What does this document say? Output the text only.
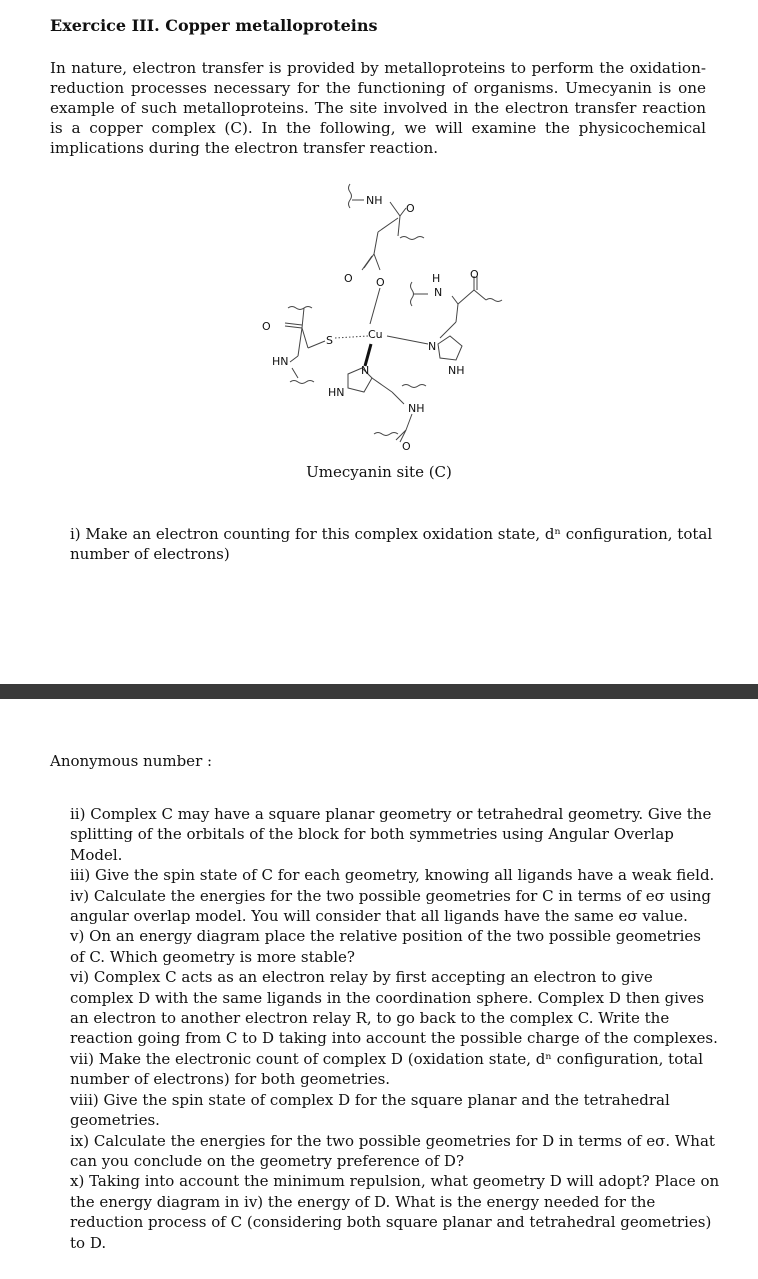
Exercice III. Copper metalloproteins
In nature, electron transfer is provided by metalloproteins to perform the oxidation-reduction processes necessary for the functioning of organisms. Umecyanin is one example of such metalloproteins. The site involved in the electron transfer reaction is a copper complex (C). In the following, we will examine the physicochemical implications during the electron transfer reaction.
NH
O
O O
Cu
S
O
HN
H
N
O
N
NH
N
HN
NH
O
Umecyanin site (C)
i) Make an electron counting for this complex oxidation state, dⁿ configuration, total number of electrons)
Anonymous number :

ii) Complex C may have a square planar geometry or tetrahedral geometry. Give the splitting of the orbitals of the block for both symmetries using Angular Overlap Model.

iii) Give the spin state of C for each geometry, knowing all ligands have a weak field.

iv) Calculate the energies for the two possible geometries for C in terms of eσ using angular overlap model. You will consider that all ligands have the same eσ value.

v) On an energy diagram place the relative position of the two possible geometries of C. Which geometry is more stable?

vi) Complex C acts as an electron relay by first accepting an electron to give complex D with the same ligands in the coordination sphere. Complex D then gives an electron to another electron relay R, to go back to the complex C. Write the reaction going from C to D taking into account the possible charge of the complexes.

vii) Make the electronic count of complex D (oxidation state, dⁿ configuration, total number of electrons) for both geometries.

viii) Give the spin state of complex D for the square planar and the tetrahedral geometries.

ix) Calculate the energies for the two possible geometries for D in terms of eσ. What can you conclude on the geometry preference of D?

x) Taking into account the minimum repulsion, what geometry D will adopt? Place on the energy diagram in iv) the energy of D. What is the energy needed for the reduction process of C (considering both square planar and tetrahedral geometries) to D.
